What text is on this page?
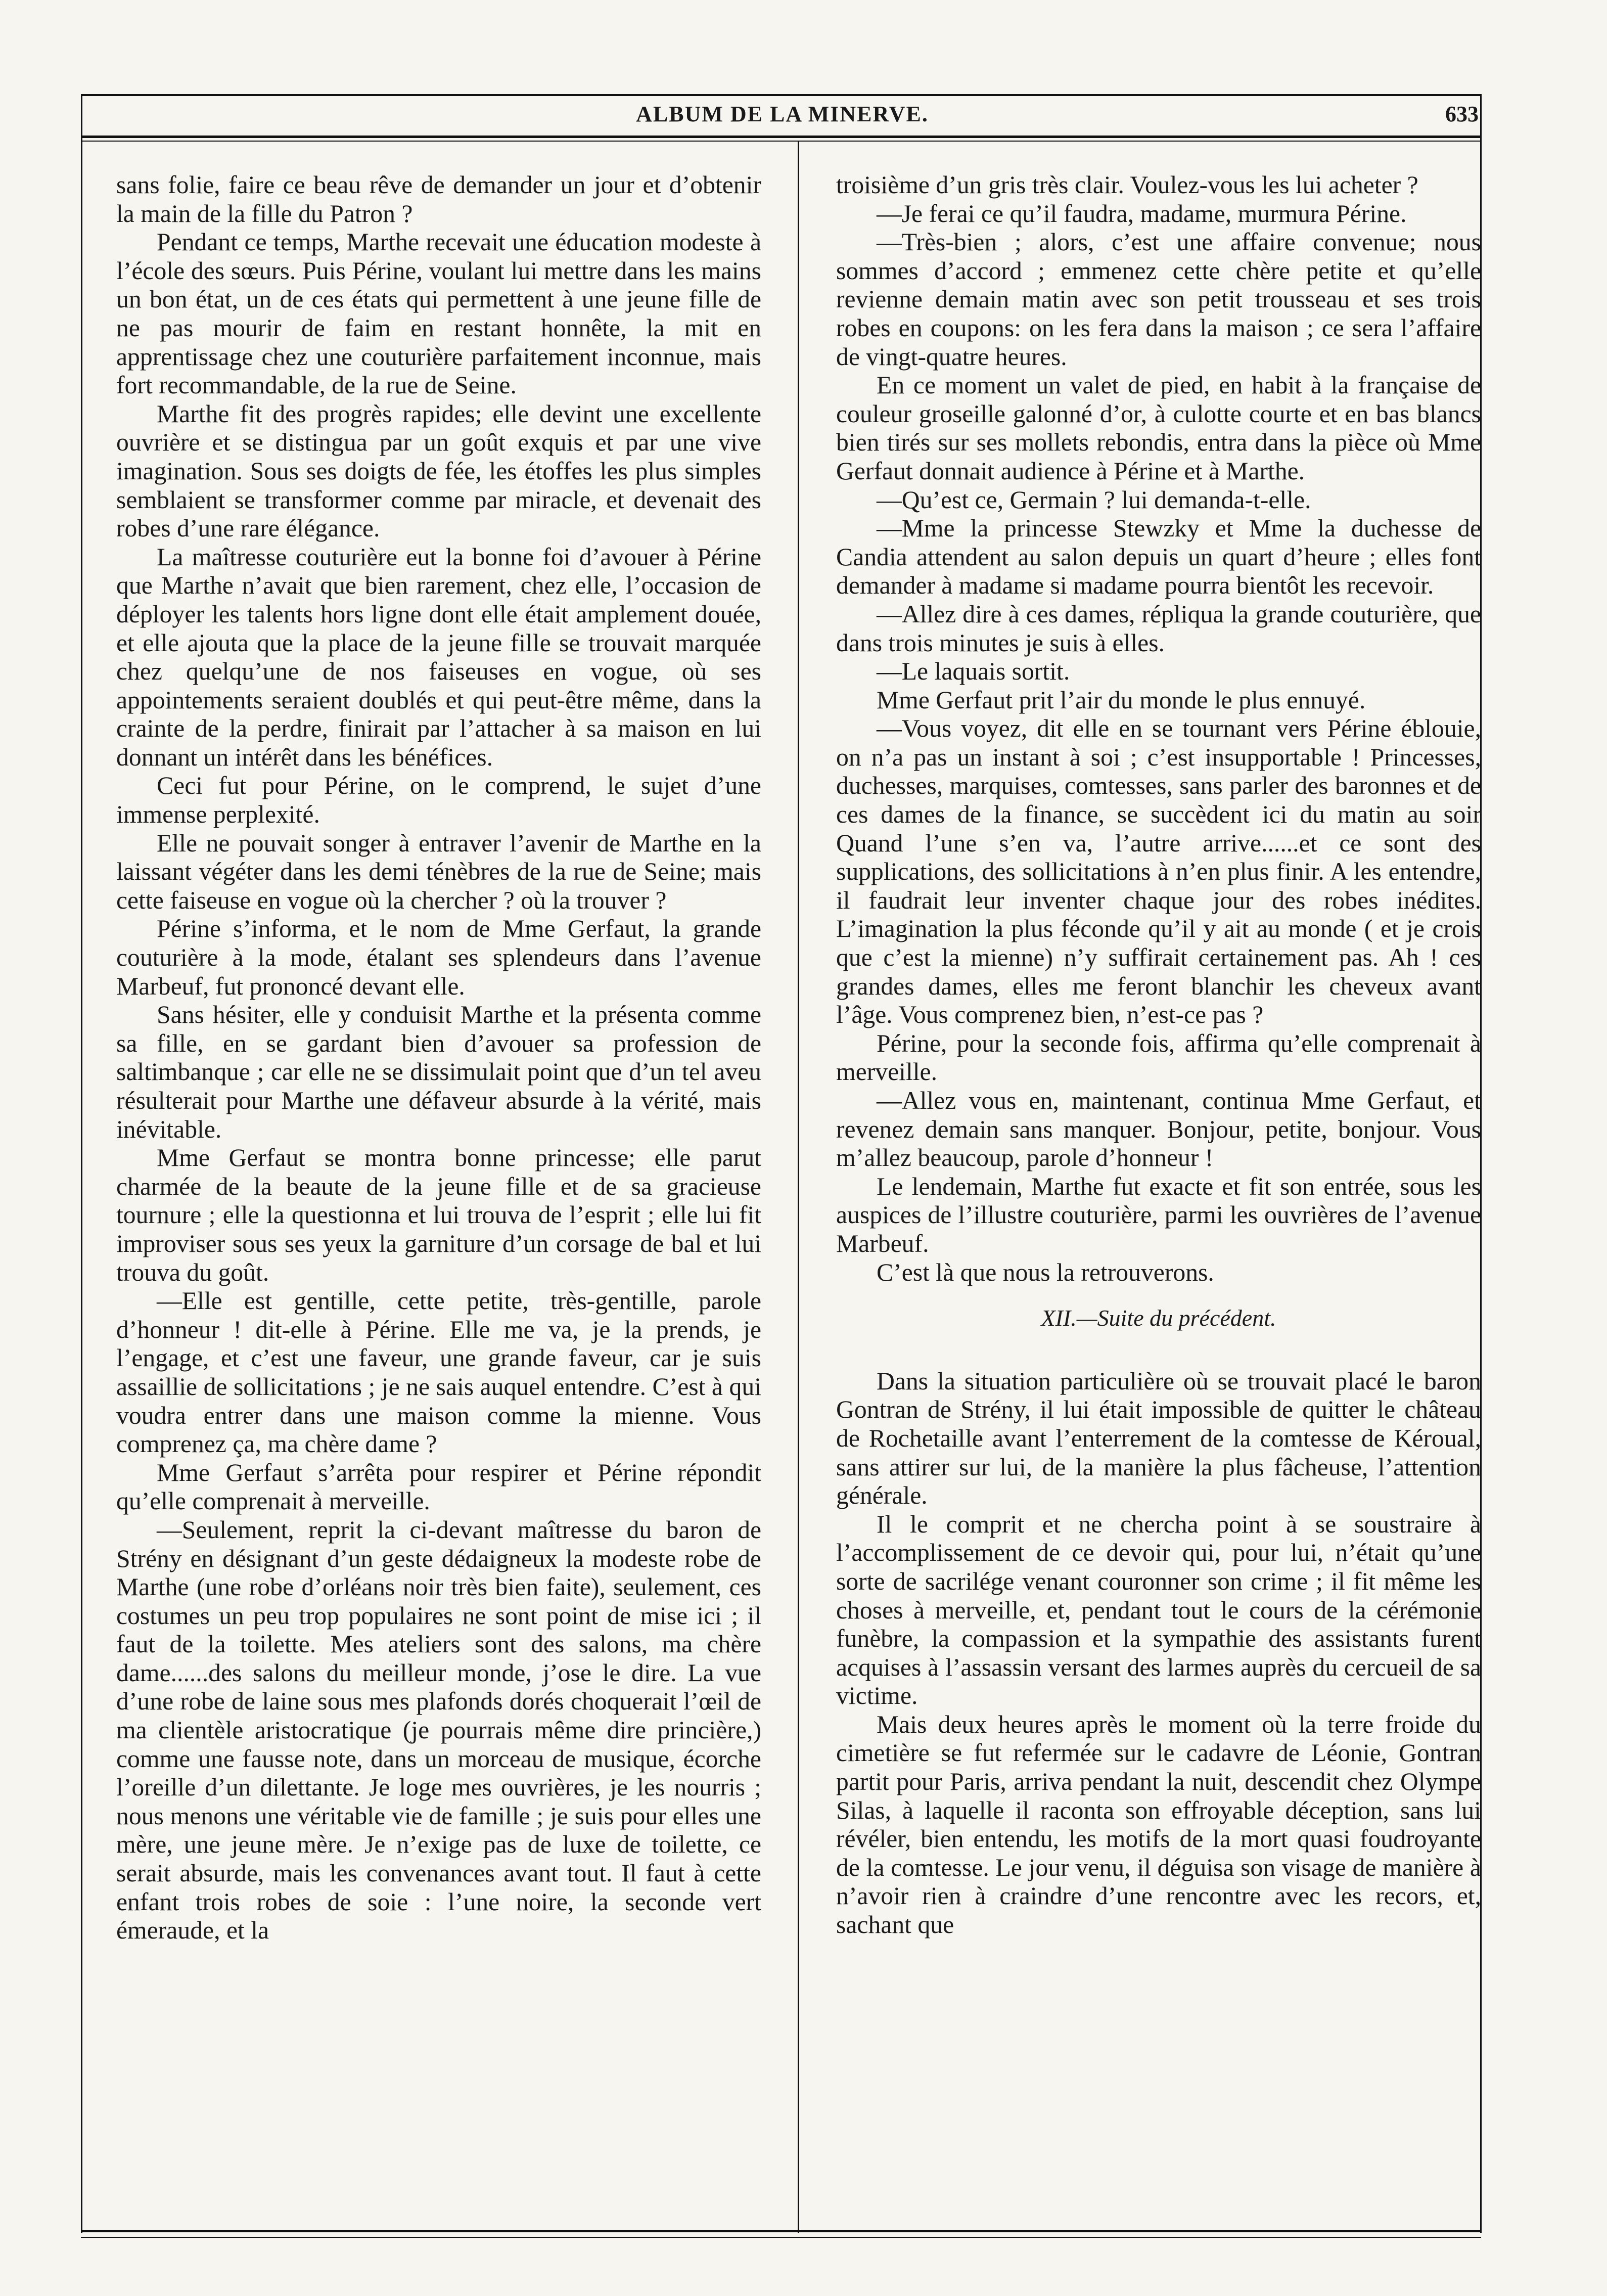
ALBUM DE LA MINERVE.	633

sans folie, faire ce beau rêve de demander un jour et d’obtenir la main de la fille du Patron ?

Pendant ce temps, Marthe recevait une éducation modeste à l’école des sœurs. Puis Périne, voulant lui mettre dans les mains un bon état, un de ces états qui permettent à une jeune fille de ne pas mourir de faim en restant honnête, la mit en apprentissage chez une couturière parfaitement inconnue, mais fort recommandable, de la rue de Seine.

Marthe fit des progrès rapides; elle devint une excellente ouvrière et se distingua par un goût exquis et par une vive imagination. Sous ses doigts de fée, les étoffes les plus simples semblaient se transformer comme par miracle, et devenait des robes d’une rare élégance.

La maîtresse couturière eut la bonne foi d’avouer à Périne que Marthe n’avait que bien rarement, chez elle, l’occasion de déployer les talents hors ligne dont elle était amplement douée, et elle ajouta que la place de la jeune fille se trouvait marquée chez quelqu’une de nos faiseuses en vogue, où ses appointements seraient doublés et qui peut-être même, dans la crainte de la perdre, finirait par l’attacher à sa maison en lui donnant un intérêt dans les bénéfices.

Ceci fut pour Périne, on le comprend, le sujet d’une immense perplexité.

Elle ne pouvait songer à entraver l’avenir de Marthe en la laissant végéter dans les demi ténèbres de la rue de Seine; mais cette faiseuse en vogue où la chercher ? où la trouver ?

Périne s’informa, et le nom de Mme Gerfaut, la grande couturière à la mode, étalant ses splendeurs dans l’avenue Marbeuf, fut prononcé devant elle.

Sans hésiter, elle y conduisit Marthe et la présenta comme sa fille, en se gardant bien d’avouer sa profession de saltimbanque ; car elle ne se dissimulait point que d’un tel aveu résulterait pour Marthe une défaveur absurde à la vérité, mais inévitable.

Mme Gerfaut se montra bonne princesse; elle parut charmée de la beaute de la jeune fille et de sa gracieuse tournure ; elle la questionna et lui trouva de l’esprit ; elle lui fit improviser sous ses yeux la garniture d’un corsage de bal et lui trouva du goût.

—Elle est gentille, cette petite, très-gentille, parole d’honneur ! dit-elle à Périne. Elle me va, je la prends, je l’engage, et c’est une faveur, une grande faveur, car je suis assaillie de sollicitations ; je ne sais auquel entendre. C’est à qui voudra entrer dans une maison comme la mienne. Vous comprenez ça, ma chère dame ?

Mme Gerfaut s’arrêta pour respirer et Périne répondit qu’elle comprenait à merveille.

—Seulement, reprit la ci-devant maîtresse du baron de Strény en désignant d’un geste dédaigneux la modeste robe de Marthe (une robe d’orléans noir très bien faite), seulement, ces costumes un peu trop populaires ne sont point de mise ici ; il faut de la toilette. Mes ateliers sont des salons, ma chère dame......des salons du meilleur monde, j’ose le dire. La vue d’une robe de laine sous mes plafonds dorés choquerait l’œil de ma clientèle aristocratique (je pourrais même dire princière,) comme une fausse note, dans un morceau de musique, écorche l’oreille d’un dilettante. Je loge mes ouvrières, je les nourris ; nous menons une véritable vie de famille ; je suis pour elles une mère, une jeune mère. Je n’exige pas de luxe de toilette, ce serait absurde, mais les convenances avant tout. Il faut à cette enfant trois robes de soie : l’une noire, la seconde vert émeraude, et la

troisième d’un gris très clair. Voulez-vous les lui acheter ?

—Je ferai ce qu’il faudra, madame, murmura Périne.

—Très-bien ; alors, c’est une affaire convenue; nous sommes d’accord ; emmenez cette chère petite et qu’elle revienne demain matin avec son petit trousseau et ses trois robes en coupons: on les fera dans la maison ; ce sera l’affaire de vingt-quatre heures.

En ce moment un valet de pied, en habit à la française de couleur groseille galonné d’or, à culotte courte et en bas blancs bien tirés sur ses mollets rebondis, entra dans la pièce où Mme Gerfaut donnait audience à Périne et à Marthe.

—Qu’est ce, Germain ? lui demanda-t-elle.

—Mme la princesse Stewzky et Mme la duchesse de Candia attendent au salon depuis un quart d’heure ; elles font demander à madame si madame pourra bientôt les recevoir.

—Allez dire à ces dames, répliqua la grande couturière, que dans trois minutes je suis à elles.

—Le laquais sortit.

Mme Gerfaut prit l’air du monde le plus ennuyé.

—Vous voyez, dit elle en se tournant vers Périne éblouie, on n’a pas un instant à soi ; c’est insupportable ! Princesses, duchesses, marquises, comtesses, sans parler des baronnes et de ces dames de la finance, se succèdent ici du matin au soir Quand l’une s’en va, l’autre arrive......et ce sont des supplications, des sollicitations à n’en plus finir. A les entendre, il faudrait leur inventer chaque jour des robes inédites. L’imagination la plus féconde qu’il y ait au monde ( et je crois que c’est la mienne) n’y suffirait certainement pas. Ah ! ces grandes dames, elles me feront blanchir les cheveux avant l’âge. Vous comprenez bien, n’est-ce pas ?

Périne, pour la seconde fois, affirma qu’elle comprenait à merveille.

—Allez vous en, maintenant, continua Mme Gerfaut, et revenez demain sans manquer. Bonjour, petite, bonjour. Vous m’allez beaucoup, parole d’honneur !

Le lendemain, Marthe fut exacte et fit son entrée, sous les auspices de l’illustre couturière, parmi les ouvrières de l’avenue Marbeuf.

C’est là que nous la retrouverons.

XII.—Suite du précédent.

Dans la situation particulière où se trouvait placé le baron Gontran de Strény, il lui était impossible de quitter le château de Rochetaille avant l’enterrement de la comtesse de Kéroual, sans attirer sur lui, de la manière la plus fâcheuse, l’attention générale.

Il le comprit et ne chercha point à se soustraire à l’accomplissement de ce devoir qui, pour lui, n’était qu’une sorte de sacrilége venant couronner son crime ; il fit même les choses à merveille, et, pendant tout le cours de la cérémonie funèbre, la compassion et la sympathie des assistants furent acquises à l’assassin versant des larmes auprès du cercueil de sa victime.

Mais deux heures après le moment où la terre froide du cimetière se fut refermée sur le cadavre de Léonie, Gontran partit pour Paris, arriva pendant la nuit, descendit chez Olympe Silas, à laquelle il raconta son effroyable déception, sans lui révéler, bien entendu, les motifs de la mort quasi foudroyante de la comtesse. Le jour venu, il déguisa son visage de manière à n’avoir rien à craindre d’une rencontre avec les recors, et, sachant que
